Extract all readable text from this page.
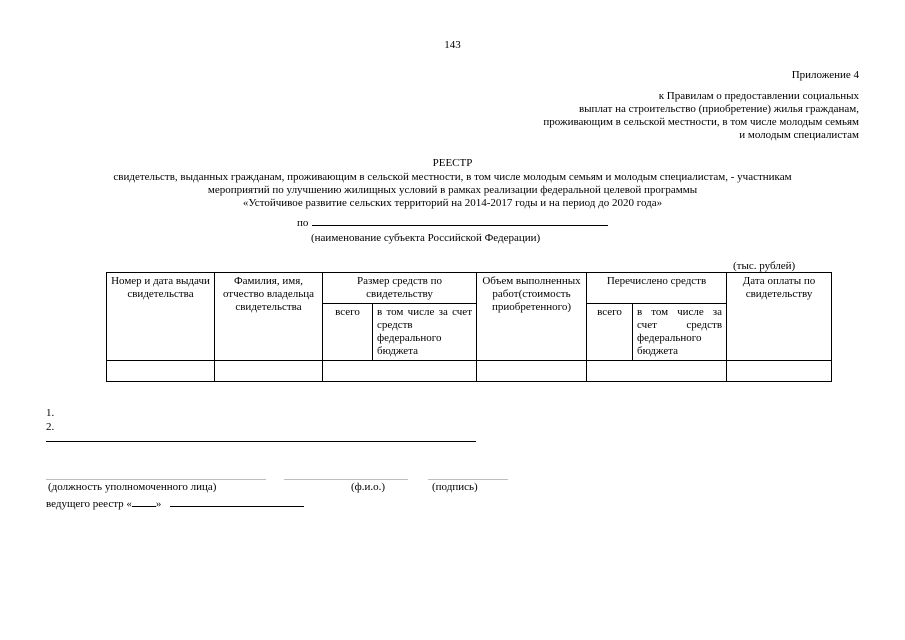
143
Приложение 4
к Правилам о предоставлении социальных
выплат на строительство (приобретение) жилья гражданам,
проживающим в сельской местности, в том числе молодым семьям
и молодым специалистам
РЕЕСТР
свидетельств, выданных гражданам, проживающим в сельской местности, в том числе молодым семьям и молодым специалистам, - участникам
мероприятий по улучшению жилищных условий в рамках реализации федеральной целевой программы
«Устойчивое развитие сельских территорий на 2014-2017 годы и на период до 2020 года»
по
(наименование субъекта Российской Федерации)
(тыс. рублей)
Номер и дата выдачи свидетельства	Фамилия, имя, отчество владельца свидетельства	Размер средств по свидетельству		Объем выполненных работ(стоимость приобретенного)	Перечислено средств		Дата оплаты по свидетельству
		всего	в том числе за счет средств федерального бюджета		всего	в том числе за счет средств федерального бюджета	

1.
2.
(должность уполномоченного лица)	(ф.и.о.)	(подпись)
ведущего реестр « »
